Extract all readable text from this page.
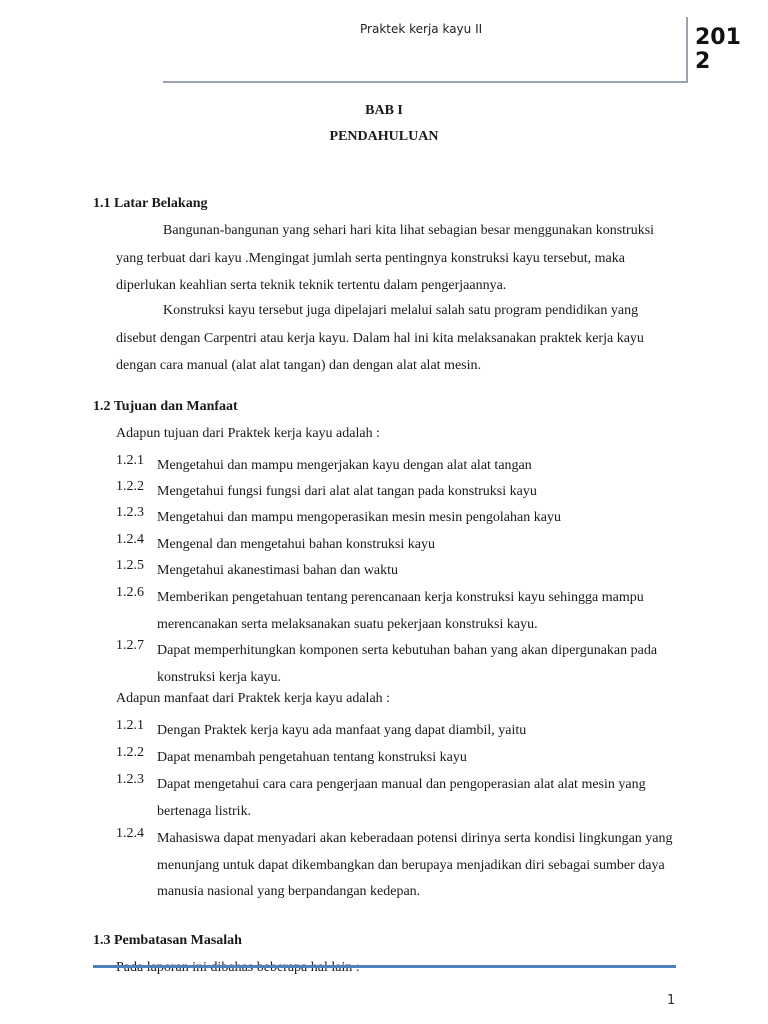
Praktek kerja kayu II	2012
BAB I
PENDAHULUAN
1.1 Latar Belakang
Bangunan-bangunan yang sehari hari kita lihat sebagian besar menggunakan konstruksi yang terbuat dari kayu .Mengingat jumlah serta pentingnya konstruksi kayu tersebut, maka diperlukan keahlian serta teknik teknik tertentu dalam pengerjaannya.
Konstruksi kayu tersebut juga dipelajari melalui salah satu program pendidikan yang disebut dengan Carpentri atau kerja kayu. Dalam hal ini kita melaksanakan praktek kerja kayu dengan cara manual (alat alat tangan) dan dengan alat alat mesin.
1.2 Tujuan dan Manfaat
Adapun tujuan dari Praktek kerja kayu adalah :
1.2.1 Mengetahui dan mampu mengerjakan kayu dengan alat alat tangan
1.2.2 Mengetahui fungsi fungsi dari alat alat tangan pada konstruksi kayu
1.2.3 Mengetahui dan mampu mengoperasikan mesin mesin pengolahan kayu
1.2.4 Mengenal dan mengetahui bahan konstruksi kayu
1.2.5 Mengetahui akanestimasi bahan dan waktu
1.2.6 Memberikan pengetahuan tentang perencanaan kerja konstruksi kayu sehingga mampu merencanakan serta melaksanakan suatu pekerjaan konstruksi kayu.
1.2.7 Dapat memperhitungkan komponen serta kebutuhan bahan yang akan dipergunakan pada konstruksi kerja kayu.
Adapun manfaat dari Praktek kerja kayu adalah :
1.2.1 Dengan Praktek kerja kayu ada manfaat yang dapat diambil, yaitu
1.2.2 Dapat menambah pengetahuan tentang konstruksi kayu
1.2.3 Dapat mengetahui cara cara pengerjaan manual dan pengoperasian alat alat mesin yang bertenaga listrik.
1.2.4 Mahasiswa dapat menyadari akan keberadaan potensi dirinya serta kondisi lingkungan yang menunjang untuk dapat dikembangkan dan berupaya menjadikan diri sebagai sumber daya manusia nasional yang berpandangan kedepan.
1.3 Pembatasan Masalah
1
